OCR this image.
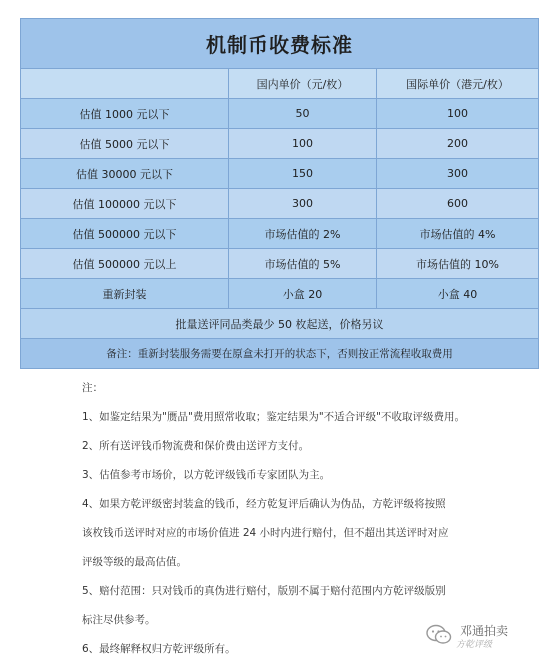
机制币收费标准		
	国内单价（元/枚）	国际单价（港元/枚）
估值 1000 元以下	50	100
估值 5000 元以下	100	200
估值 30000 元以下	150	300
估值 100000 元以下	300	600
估值 500000 元以下	市场估值的 2%	市场估值的 4%
估值 500000 元以上	市场估值的 5%	市场估值的 10%
重新封装	小盒 20	小盒 40
批量送评同品类最少 50 枚起送，价格另议		
备注：重新封装服务需要在原盒未打开的状态下，否则按正常流程收取费用		

注：

1、如鉴定结果为"赝品"费用照常收取；鉴定结果为"不适合评级"不收取评级费用。

2、所有送评钱币物流费和保价费由送评方支付。

3、估值参考市场价，以方乾评级钱币专家团队为主。

4、如果方乾评级密封装盒的钱币，经方乾复评后确认为伪品，方乾评级将按照

该枚钱币送评时对应的市场价值进 24 小时内进行赔付，但不超出其送评时对应

评级等级的最高估值。

5、赔付范围：只对钱币的真伪进行赔付，版别不属于赔付范围内方乾评级版别

标注尽供参考。

6、最终解释权归方乾评级所有。

邓通拍卖
方乾评级
